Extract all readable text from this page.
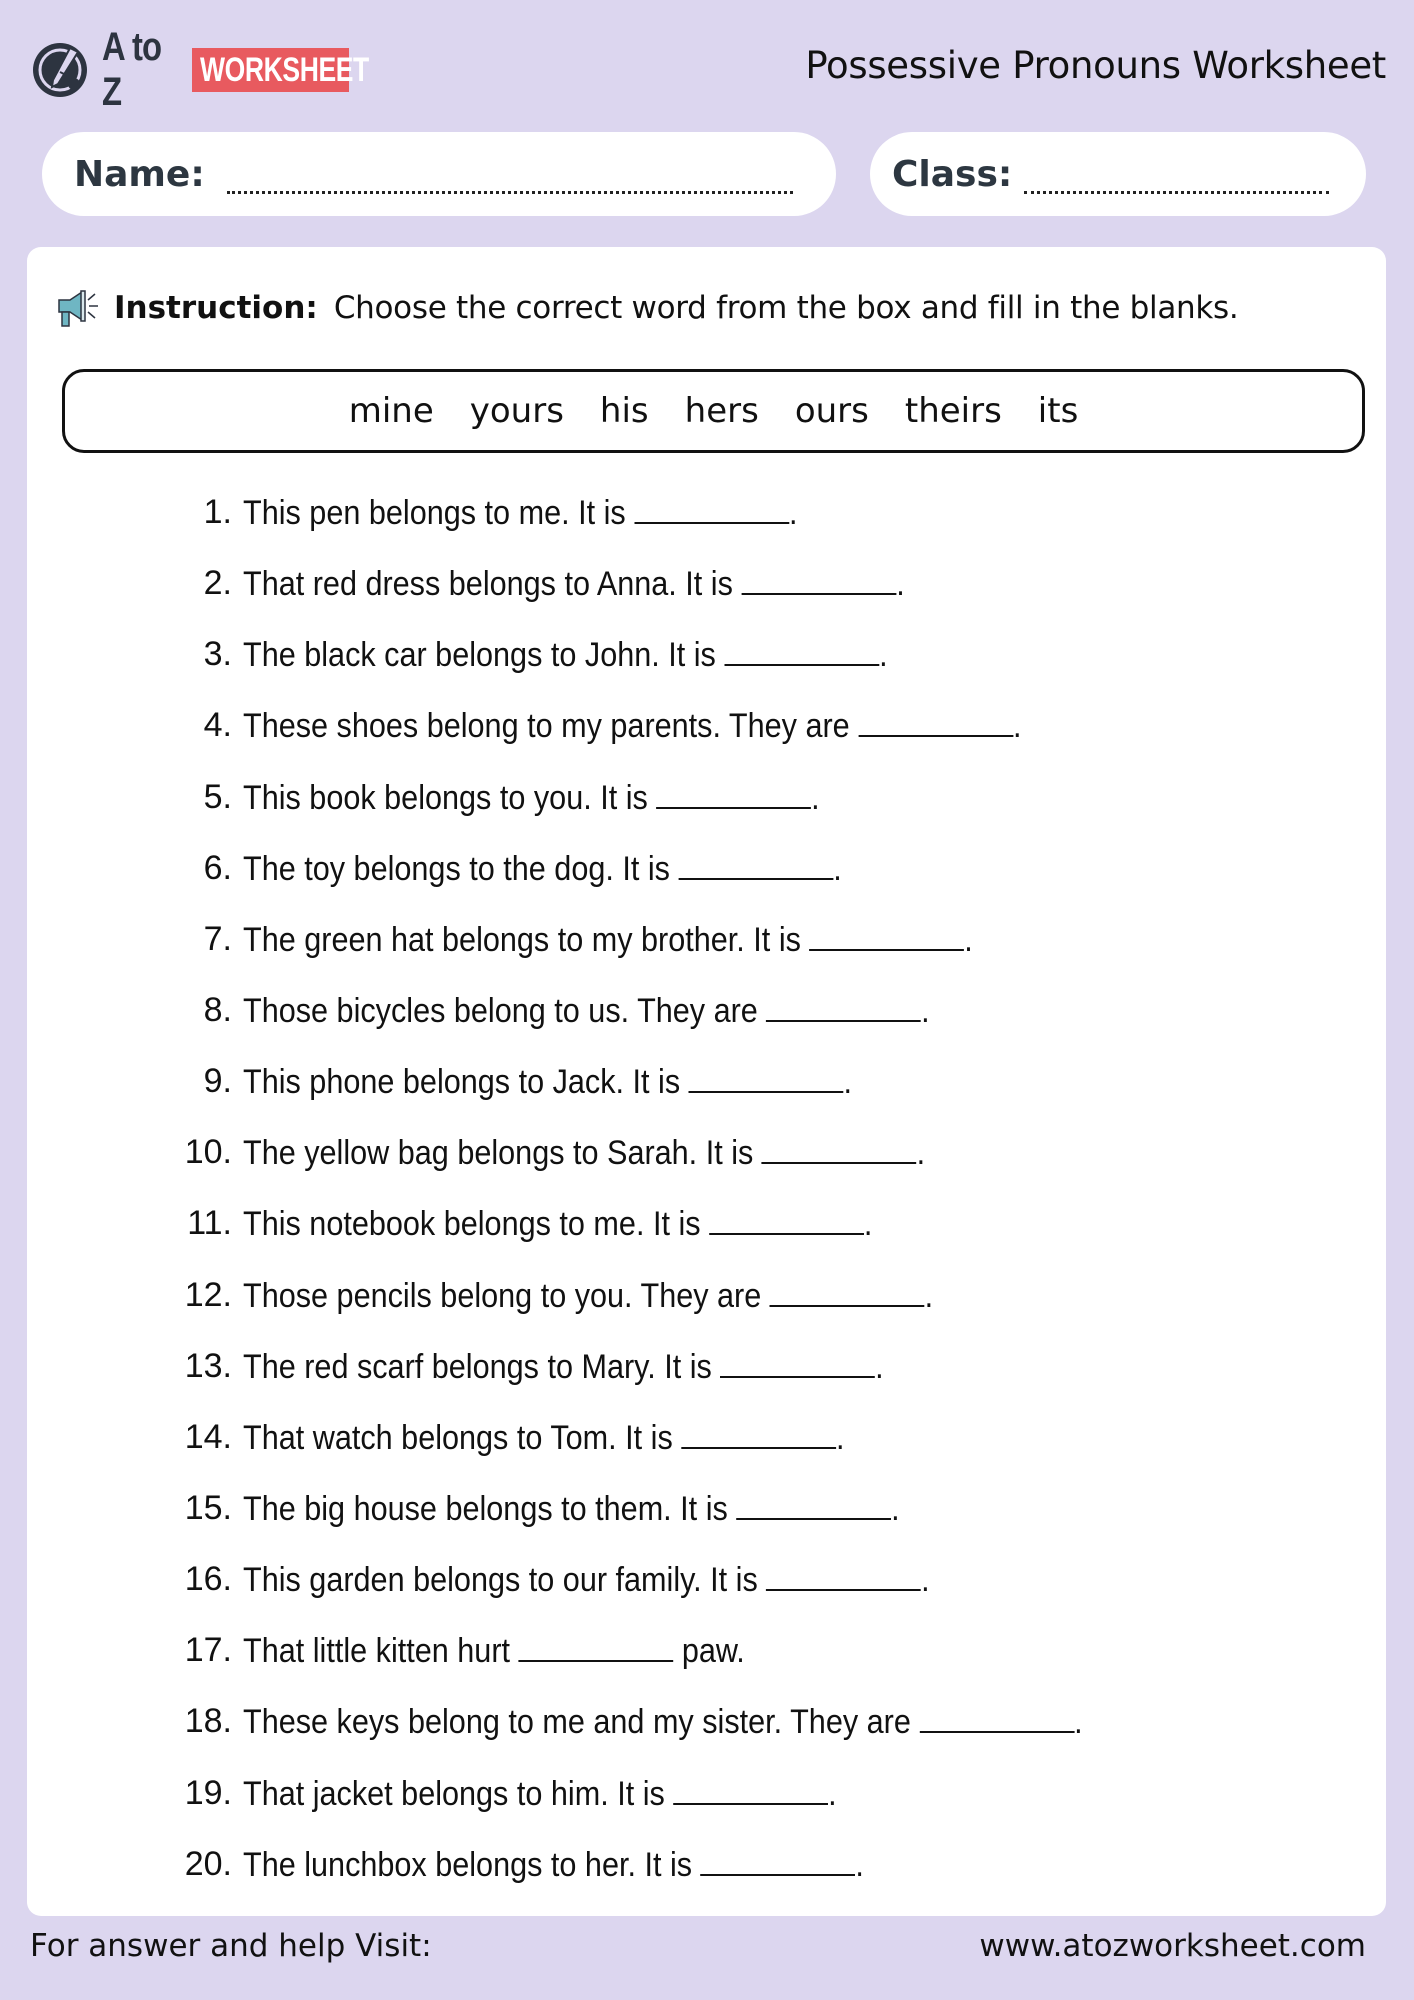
A to Z	WORKSHEET	Possessive Pronouns Worksheet
Name:	Class:
Instruction: Choose the correct word from the box and fill in the blanks.
mine yours his hers ours theirs its
1. This pen belongs to me. It is	.
2. That red dress belongs to Anna. It is	.
3. The black car belongs to John. It is	.
4. These shoes belong to my parents. They are	.
5. This book belongs to you. It is	.
6. The toy belongs to the dog. It is	.
7. The green hat belongs to my brother. It is	.
8. Those bicycles belong to us. They are	.
9. This phone belongs to Jack. It is	.
10. The yellow bag belongs to Sarah. It is	.
11. This notebook belongs to me. It is	.
12. Those pencils belong to you. They are	.
13. The red scarf belongs to Mary. It is	.
14. That watch belongs to Tom. It is	.
15. The big house belongs to them. It is	.
16. This garden belongs to our family. It is	.
17. That little kitten hurt	paw.
18. These keys belong to me and my sister. They are	.
19. That jacket belongs to him. It is	.
20. The lunchbox belongs to her. It is	.
For answer and help Visit:	www.atozworksheet.com
